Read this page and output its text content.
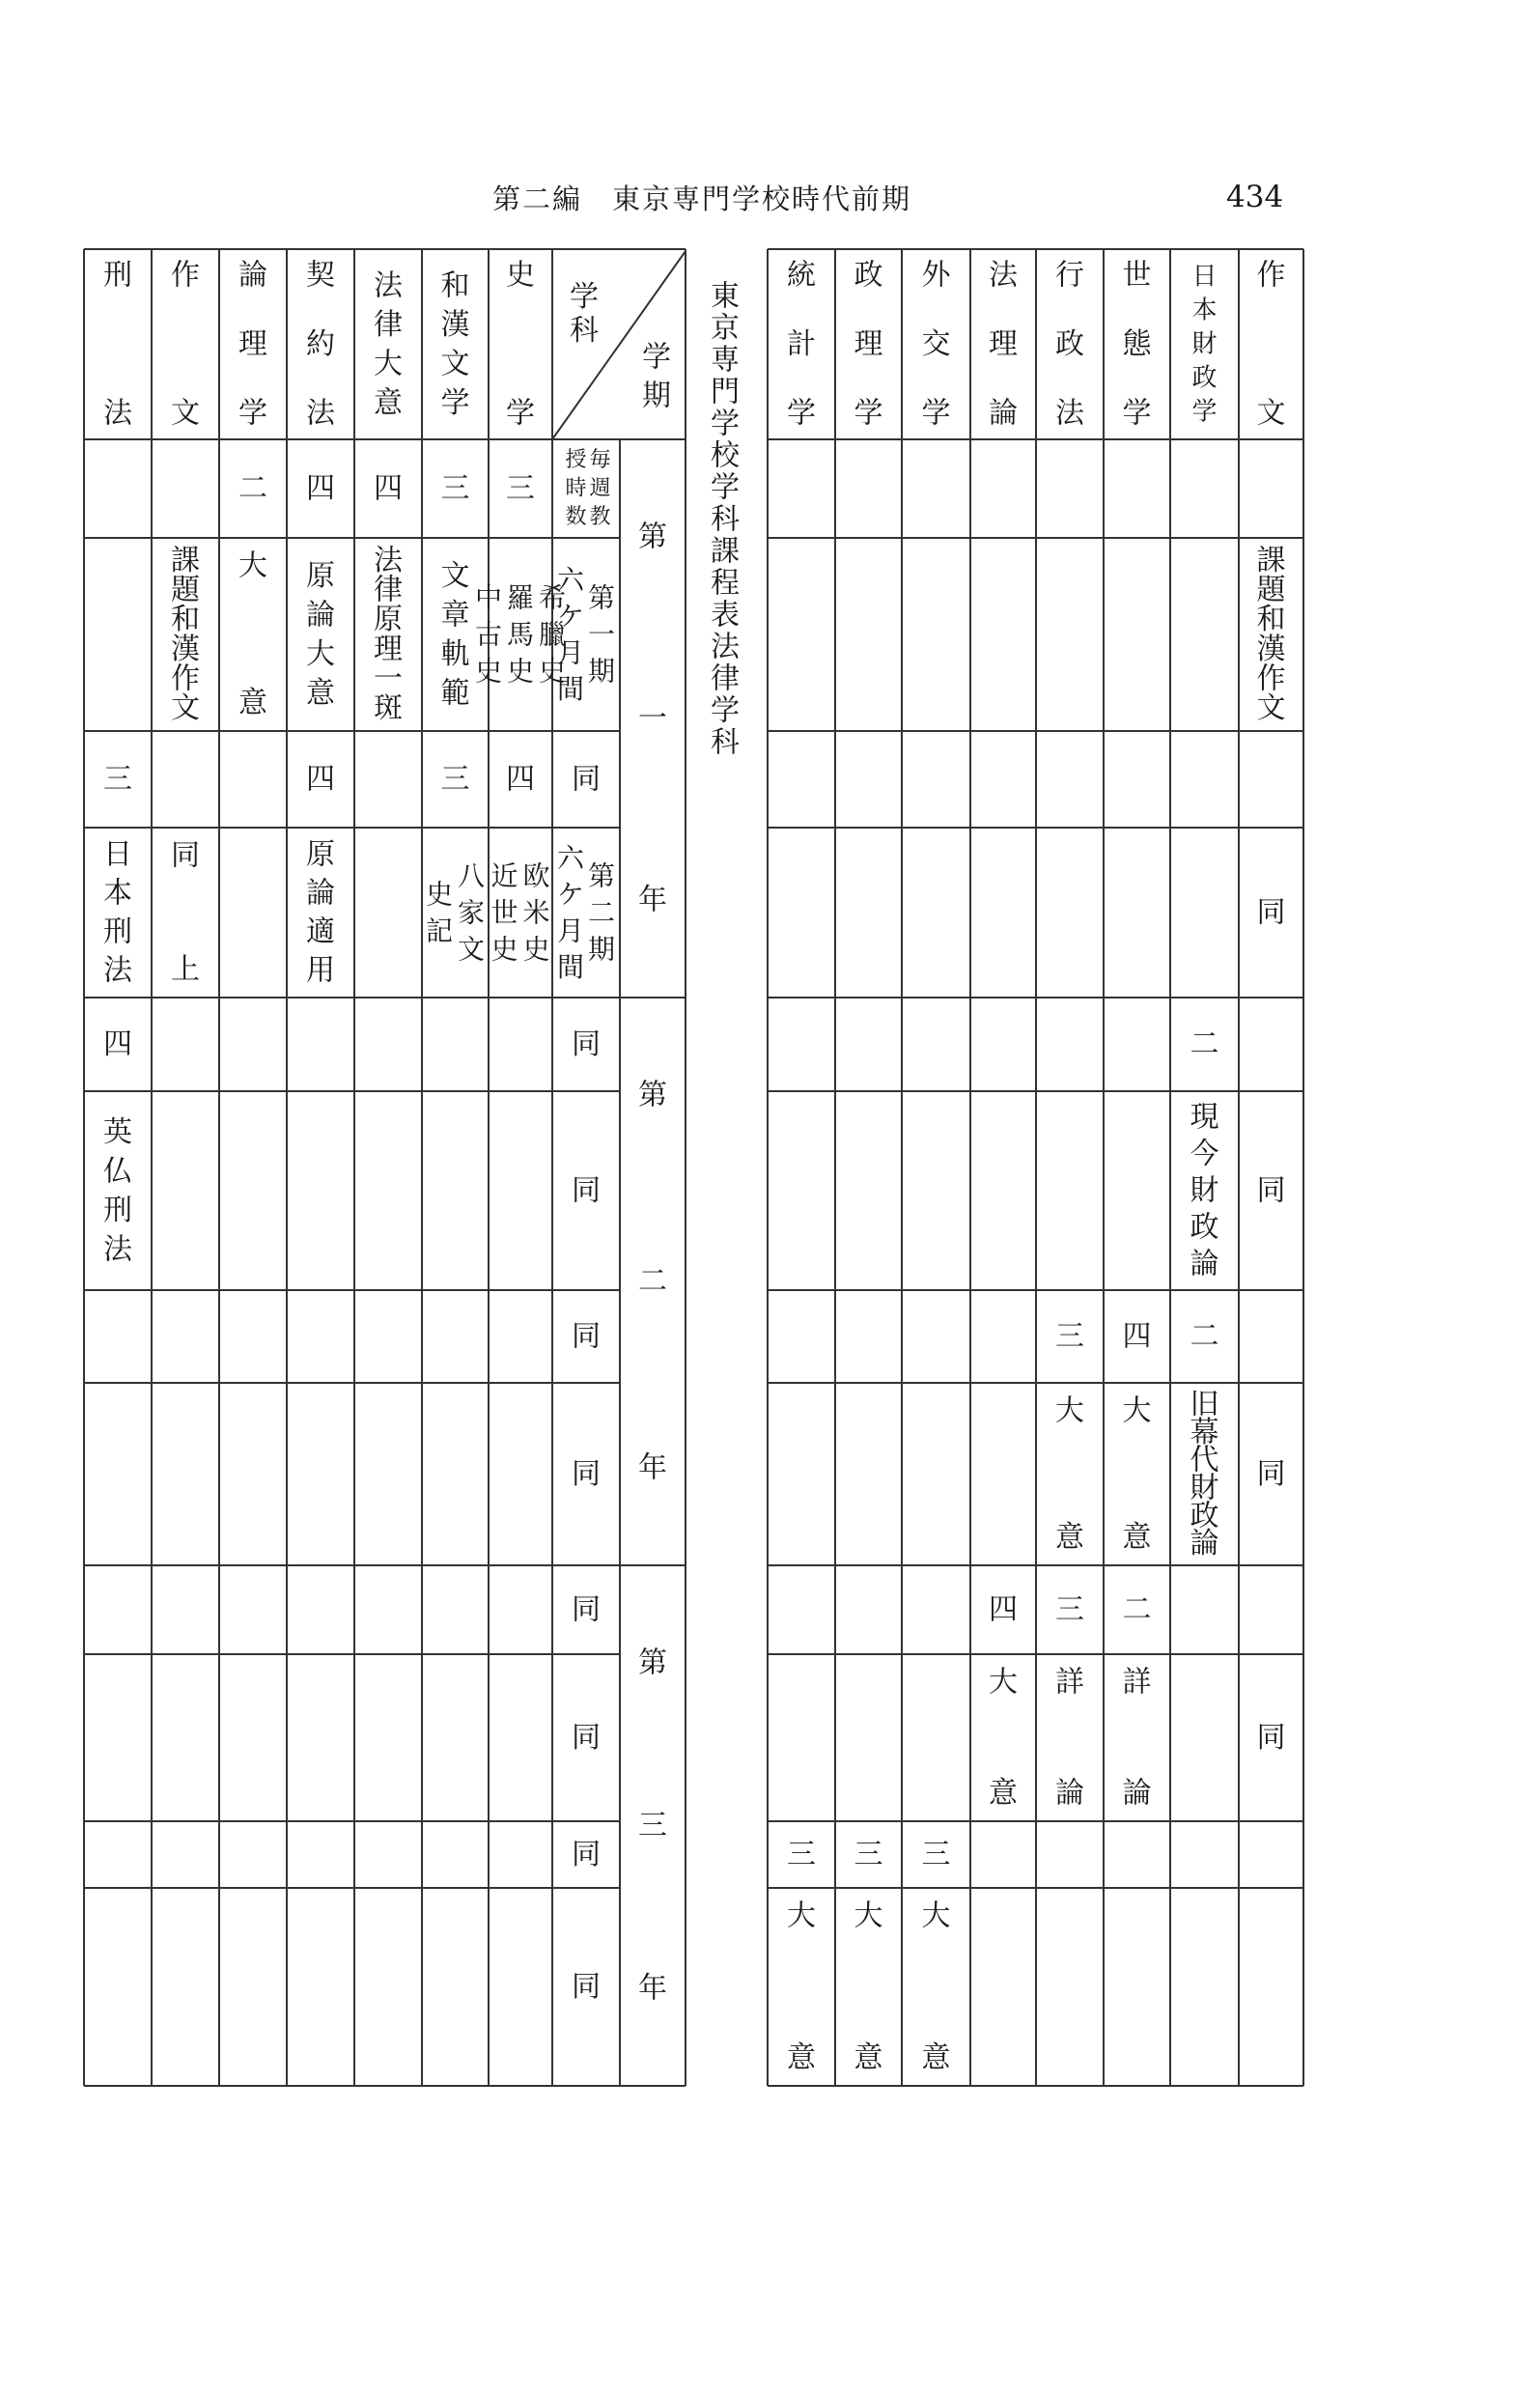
第二編　東京専門学校時代前期	434
東京専門学校学科課程表法律学科
学
科
学
期
史
学
三
希
臘
史
羅
馬
史
中
古
史
四
欧
米
史
近
世
史
和
漢
文
学
三
文
章
軌
範
三
八
家
文
史
記
法
律
大
意
四
法
律
原
理
一
斑
契
約
法
四
原
論
大
意
四
原
論
適
用
論
理
学
二
大
意
作
文
課
題
和
漢
作
文
同
上
刑
法
三
日
本
刑
法
四
英
仏
刑
法
毎
週
教
授
時
数
第
一
期
六
ケ
月
間
第
二
期
六
ケ
月
間
同
同
同
同
同
同
同
同
同
第
一
年
第
二
年
第
三
年
作
文
課
題
和
漢
作
文
同
同
同
同
日
本
財
政
学
二
現
今
財
政
論
二
旧
幕
代
財
政
論
世
態
学
四
大
意
二
詳
論
行
政
法
三
大
意
三
詳
論
法
理
論
四
大
意
外
交
学
三
大
意
政
理
学
三
大
意
統
計
学
三
大
意
